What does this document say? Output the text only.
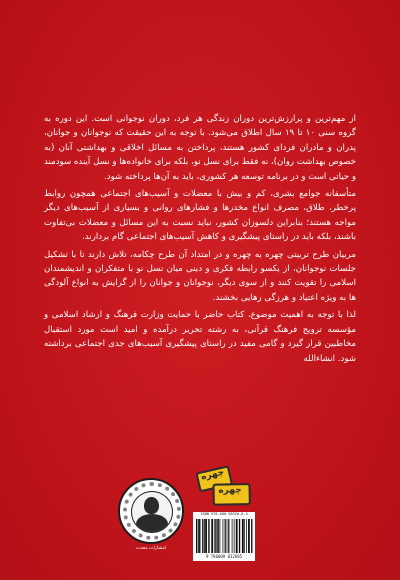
از مهم‌ترین و پرارزش‌ترین دوران زندگی هر فرد، دوران نوجوانی است. این دوره به گروه سنی ۱۰ تا ۱۹ سال اطلاق می‌شود. با توجه به این حقیقت که نوجوانان و جوانان، پدران و مادران فردای کشور هستند، پرداختن به مسائل اخلاقی و بهداشتی آنان (به خصوص بهداشت روان)، نه فقط برای نسل نو، بلکه برای خانواده‌ها و نسل آینده سودمند و حیاتی است و در برنامه توسعه هر کشوری، باید به آن‌ها پرداخته شود.

متأسفانه جوامع بشری، کم و بیش با معضلات و آسیب‌های اجتماعی همچون روابط پرخطر، طلاق، مصرف انواع مخدرها و فشارهای روانی و بسیاری از آسیب‌های دیگر مواجه هستند؛ بنابراین دلسوزان کشور، نباید نسبت به این مسائل و معضلات بی‌تفاوت باشند، بلکه باید در راستای پیشگیری و کاهش آسیب‌های اجتماعی گام بردارند.

مربیان طرح تربیتی چهره به چهره و در امتداد آن طرح چکامه، تلاش دارند تا با تشکیل جلسات نوجوانان، از یکسو رابطه فکری و دینی میان نسل نو با متفکران و اندیشمندان اسلامی را تقویت کنند و از سوی دیگر، نوجوانان و جوانان را از گرایش به انواع آلودگی ها به ویژه اعتیاد و هرزگی رهایی بخشند.

لذا با توجه به اهمیت موضوع، کتاب حاضر با حمایت وزارت فرهنگ و ارشاد اسلامی و مؤسسه ترویج فرهنگ قرآنی، به رشته تحریر درآمده و امید است مورد استقبال مخاطبین قرار گیرد و گامی مفید در راستای پیشگیری آسیب‌های جدی اجتماعی برداشته شود. انشاءالله

انتشارات محدث
چهره
چهره
ISBN 978-600-90326-8-5
9 786009 032685
